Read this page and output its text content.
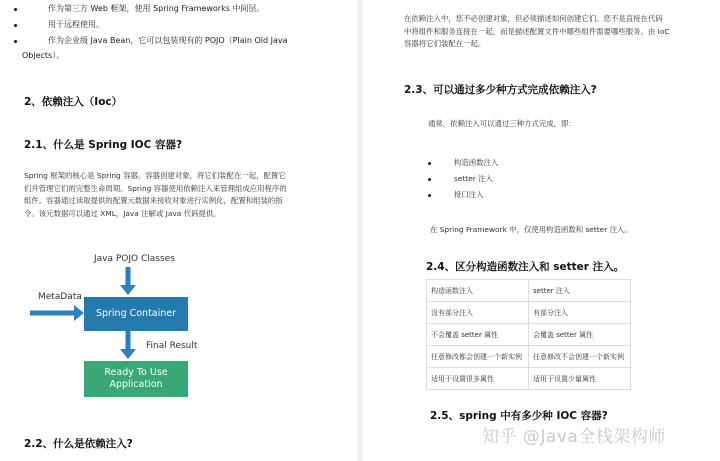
作为第三方 Web 框架，使用 Spring Frameworks 中间层。
用于远程使用。
作为企业级 Java Bean，它可以包装现有的 POJO（Plain Old Java
Objects）。
2、依赖注入（Ioc）
2.1、什么是 Spring IOC 容器?
Spring 框架的核心是 Spring 容器。容器创建对象，将它们装配在一起，配置它
们并管理它们的完整生命周期。Spring 容器使用依赖注入来管理组成应用程序的
组件。容器通过读取提供的配置元数据来接收对象进行实例化，配置和组装的指
令。该元数据可以通过 XML，Java 注解或 Java 代码提供。
Java POJO Classes
MetaData
Final Result
Spring Container
Ready To Use
Application
2.2、什么是依赖注入?
在依赖注入中，您不必创建对象，但必须描述如何创建它们。您不是直接在代码
中将组件和服务连接在一起，而是描述配置文件中哪些组件需要哪些服务。由 IoC
容器将它们装配在一起。
2.3、可以通过多少种方式完成依赖注入?
通常，依赖注入可以通过三种方式完成，即：
构造函数注入
setter 注入
接口注入
在 Spring Framework 中，仅使用构造函数和 setter 注入。
2.4、区分构造函数注入和 setter 注入。
构造函数注入	setter 注入
没有部分注入	有部分注入
不会覆盖 setter 属性	会覆盖 setter 属性
任意修改都会创建一个新实例	任意修改不会创建一个新实例
适用于设置很多属性	适用于设置少量属性
2.5、spring 中有多少种 IOC 容器?
知乎 @Java全栈架构师
